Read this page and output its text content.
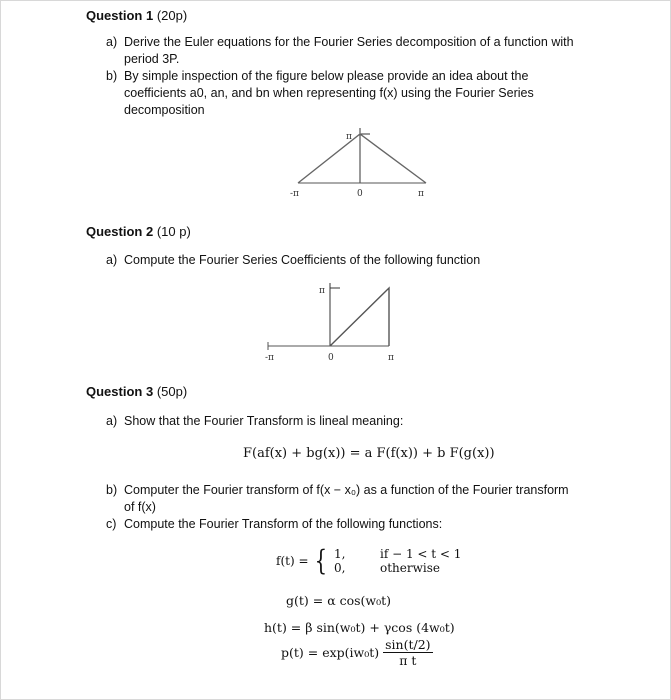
Question 1 (20p)
a) Derive the Euler equations for the Fourier Series decomposition of a function with
period 3P.
b) By simple inspection of the figure below please provide an idea about the
coefficients a0, an, and bn when representing f(x) using the Fourier Series
decomposition
π
-π	0	π
Question 2 (10 p)
a) Compute the Fourier Series Coefficients of the following function
π
-π	0	π
Question 3 (50p)
a) Show that the Fourier Transform is lineal meaning:
F(af(x) + bg(x)) = a F(f(x)) + b F(g(x))
b) Computer the Fourier transform of f(x − x₀) as a function of the Fourier transform
of f(x)
c) Compute the Fourier Transform of the following functions:
f(t) = { 1,	if − 1 < t < 1
0,	otherwise
g(t) = α cos(w₀t)
h(t) = β sin(w₀t) + γcos (4w₀t)
$p(t) = \exp(iw_0t) \frac{\sin(t/2)}{\text{π t}}$
